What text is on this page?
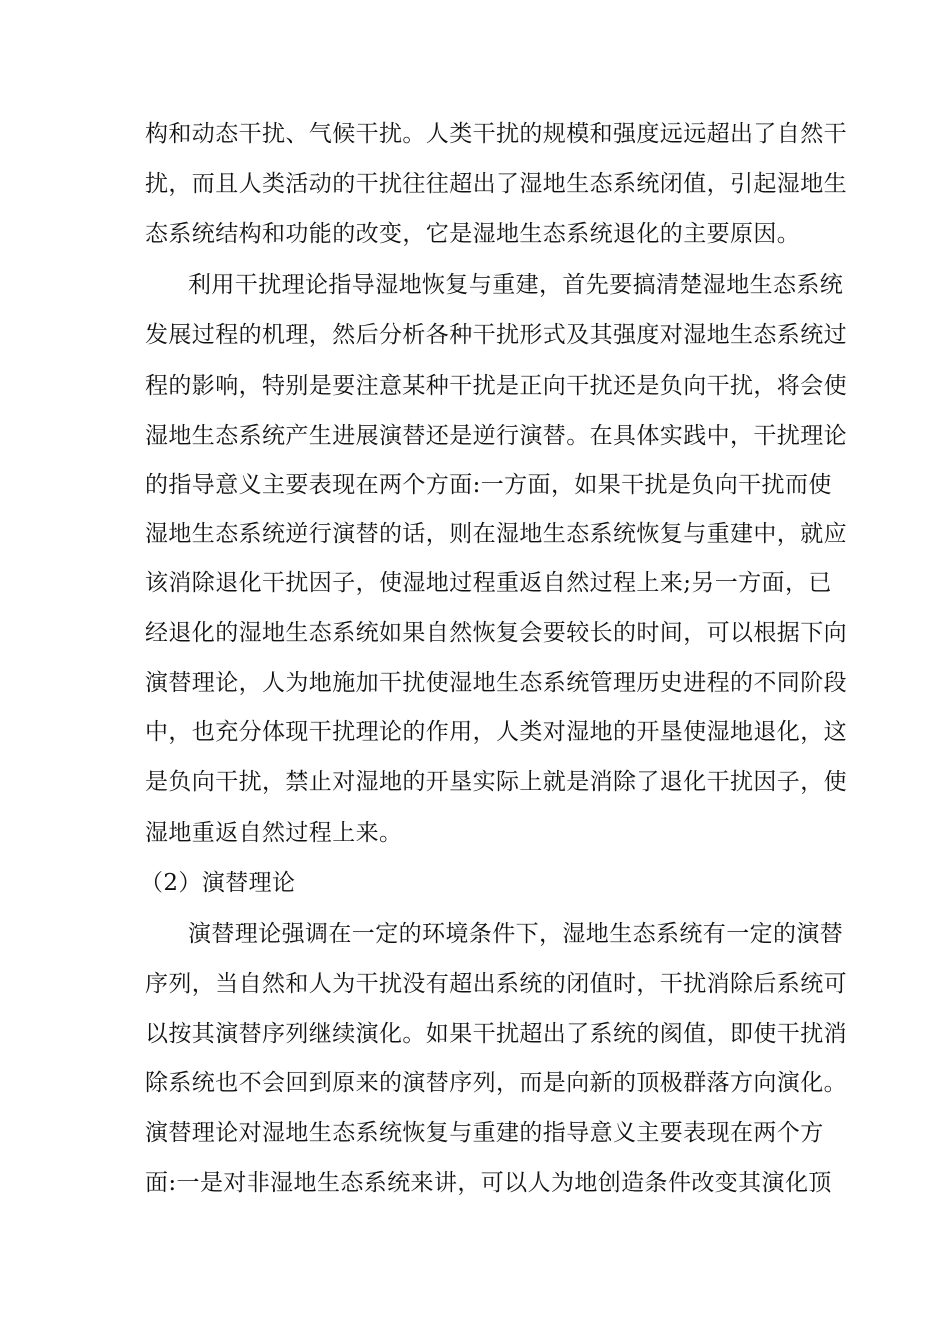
构和动态干扰、气候干扰。人类干扰的规模和强度远远超出了自然干
扰，而且人类活动的干扰往往超出了湿地生态系统闭值，引起湿地生
态系统结构和功能的改变，它是湿地生态系统退化的主要原因。
利用干扰理论指导湿地恢复与重建，首先要搞清楚湿地生态系统
发展过程的机理，然后分析各种干扰形式及其强度对湿地生态系统过
程的影响，特别是要注意某种干扰是正向干扰还是负向干扰，将会使
湿地生态系统产生进展演替还是逆行演替。在具体实践中，干扰理论
的指导意义主要表现在两个方面:一方面，如果干扰是负向干扰而使
湿地生态系统逆行演替的话，则在湿地生态系统恢复与重建中，就应
该消除退化干扰因子，使湿地过程重返自然过程上来;另一方面，已
经退化的湿地生态系统如果自然恢复会要较长的时间，可以根据下向
演替理论，人为地施加干扰使湿地生态系统管理历史进程的不同阶段
中，也充分体现干扰理论的作用，人类对湿地的开垦使湿地退化，这
是负向干扰，禁止对湿地的开垦实际上就是消除了退化干扰因子，使
湿地重返自然过程上来。
（2）演替理论
演替理论强调在一定的环境条件下，湿地生态系统有一定的演替
序列，当自然和人为干扰没有超出系统的闭值时，干扰消除后系统可
以按其演替序列继续演化。如果干扰超出了系统的阂值，即使干扰消
除系统也不会回到原来的演替序列，而是向新的顶极群落方向演化。
演替理论对湿地生态系统恢复与重建的指导意义主要表现在两个方
面:一是对非湿地生态系统来讲，可以人为地创造条件改变其演化顶
